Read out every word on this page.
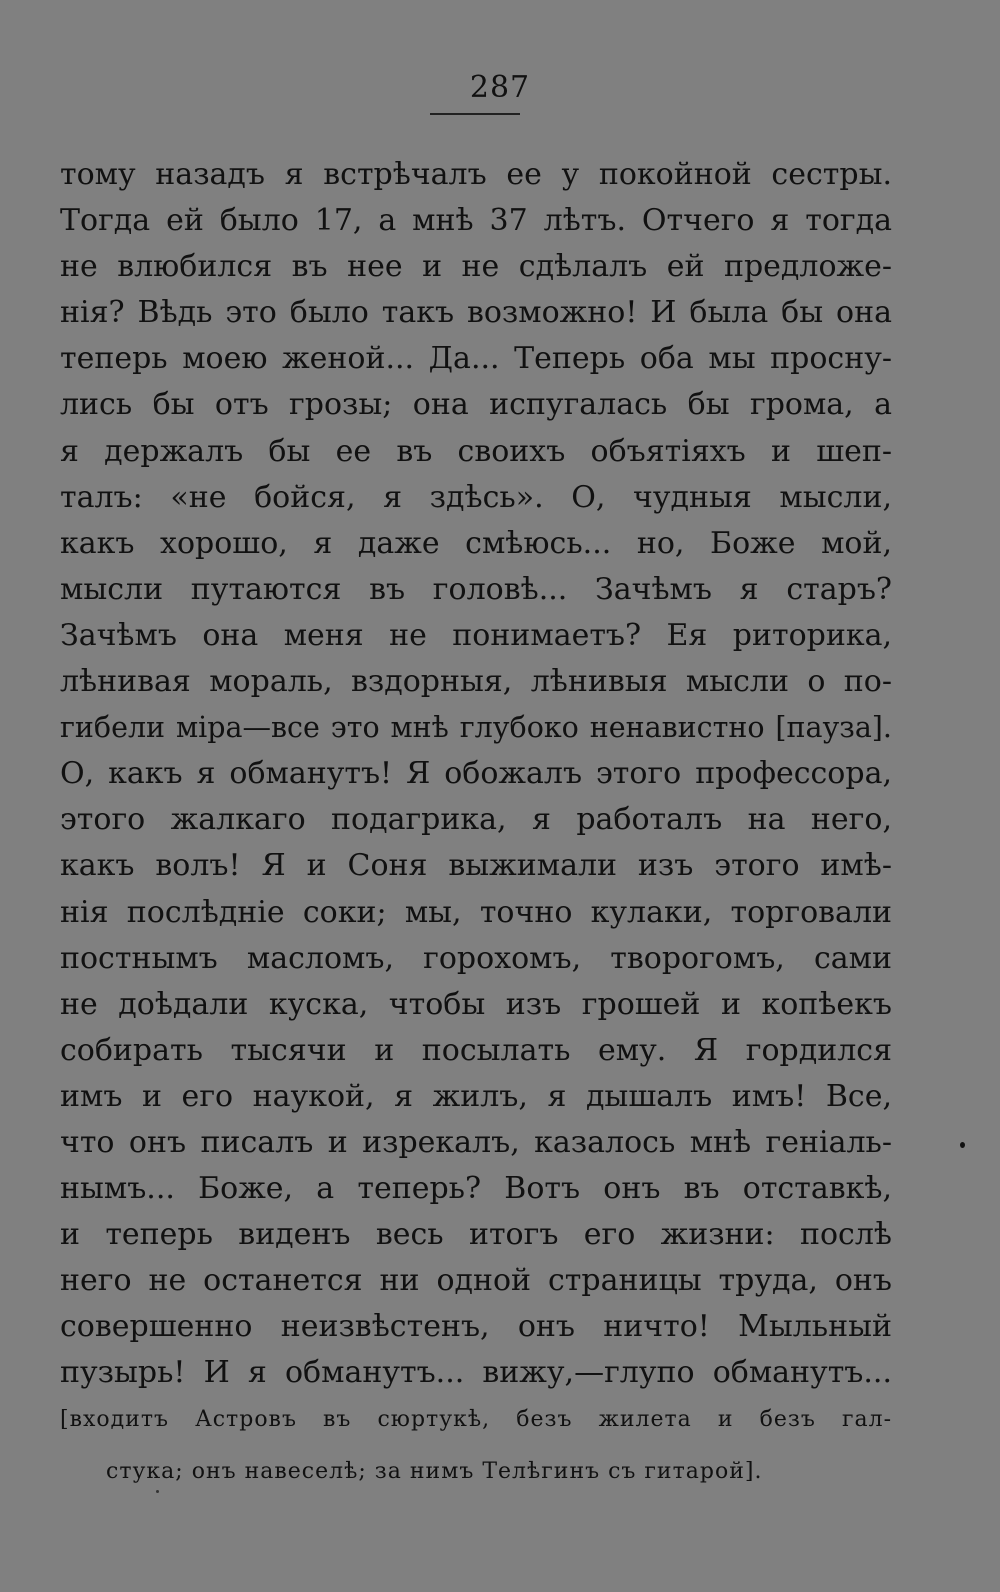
287
тому назадъ я встрѣчалъ ее у покойной сестры.
Тогда ей было 17, а мнѣ 37 лѣтъ. Отчего я тогда
не влюбился въ нее и не сдѣлалъ ей предложе-
нія? Вѣдь это было такъ возможно! И была бы она
теперь моею женой... Да... Теперь оба мы просну-
лись бы отъ грозы; она испугалась бы грома, а
я держалъ бы ее въ своихъ объятіяхъ и шеп-
талъ: «не бойся, я здѣсь». О, чудныя мысли,
какъ хорошо, я даже смѣюсь... но, Боже мой,
мысли путаются въ головѣ... Зачѣмъ я старъ?
Зачѣмъ она меня не понимаетъ? Ея риторика,
лѣнивая мораль, вздорныя, лѣнивыя мысли о по-
гибели міра—все это мнѣ глубоко ненавистно [пауза].
О, какъ я обманутъ! Я обожалъ этого профессора,
этого жалкаго подагрика, я работалъ на него,
какъ волъ! Я и Соня выжимали изъ этого имѣ-
нія послѣдніе соки; мы, точно кулаки, торговали
постнымъ масломъ, горохомъ, творогомъ, сами
не доѣдали куска, чтобы изъ грошей и копѣекъ
собирать тысячи и посылать ему. Я гордился
имъ и его наукой, я жилъ, я дышалъ имъ! Все,
что онъ писалъ и изрекалъ, казалось мнѣ геніаль-
нымъ... Боже, а теперь? Вотъ онъ въ отставкѣ,
и теперь виденъ весь итогъ его жизни: послѣ
него не останется ни одной страницы труда, онъ
совершенно неизвѣстенъ, онъ ничто! Мыльный
пузырь! И я обманутъ... вижу,—глупо обманутъ...
[входитъ Астровъ въ сюртукѣ, безъ жилета и безъ гал-
стука; онъ навеселѣ; за нимъ Телѣгинъ съ гитарой].
